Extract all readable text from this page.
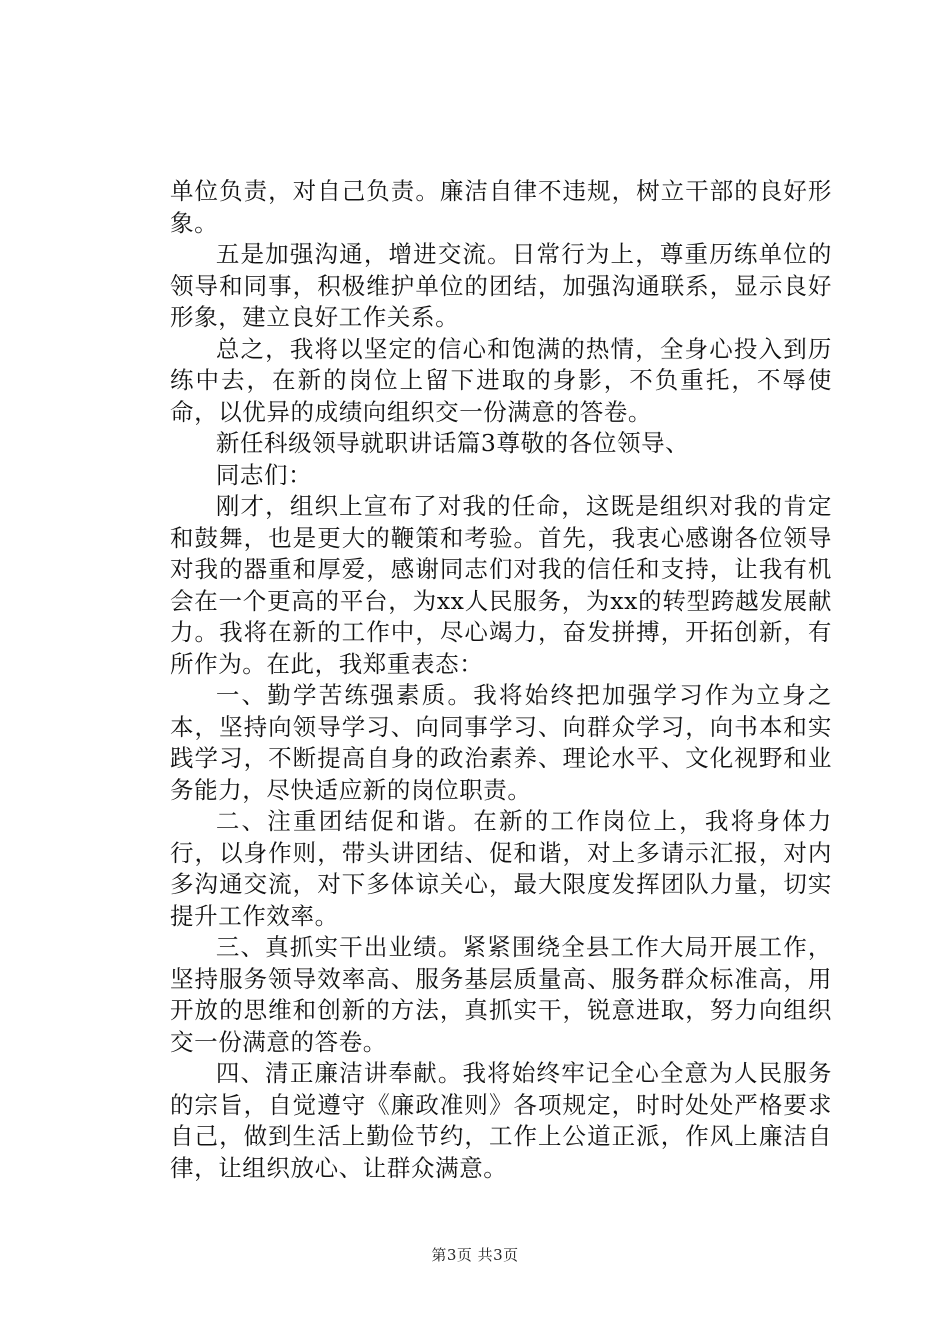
单位负责，对自己负责。廉洁自律不违规，树立干部的良好形象。

五是加强沟通，增进交流。日常行为上，尊重历练单位的领导和同事，积极维护单位的团结，加强沟通联系，显示良好形象，建立良好工作关系。

总之，我将以坚定的信心和饱满的热情，全身心投入到历练中去，在新的岗位上留下进取的身影，不负重托，不辱使命，以优异的成绩向组织交一份满意的答卷。

新任科级领导就职讲话篇3尊敬的各位领导、

同志们：

刚才，组织上宣布了对我的任命，这既是组织对我的肯定和鼓舞，也是更大的鞭策和考验。首先，我衷心感谢各位领导对我的器重和厚爱，感谢同志们对我的信任和支持，让我有机会在一个更高的平台，为xx人民服务，为xx的转型跨越发展献力。我将在新的工作中，尽心竭力，奋发拼搏，开拓创新，有所作为。在此，我郑重表态：

一、勤学苦练强素质。我将始终把加强学习作为立身之本，坚持向领导学习、向同事学习、向群众学习，向书本和实践学习，不断提高自身的政治素养、理论水平、文化视野和业务能力，尽快适应新的岗位职责。

二、注重团结促和谐。在新的工作岗位上，我将身体力行，以身作则，带头讲团结、促和谐，对上多请示汇报，对内多沟通交流，对下多体谅关心，最大限度发挥团队力量，切实提升工作效率。

三、真抓实干出业绩。紧紧围绕全县工作大局开展工作，坚持服务领导效率高、服务基层质量高、服务群众标准高，用开放的思维和创新的方法，真抓实干，锐意进取，努力向组织交一份满意的答卷。

四、清正廉洁讲奉献。我将始终牢记全心全意为人民服务的宗旨，自觉遵守《廉政准则》各项规定，时时处处严格要求自己，做到生活上勤俭节约，工作上公道正派，作风上廉洁自律，让组织放心、让群众满意。

第3页 共3页
